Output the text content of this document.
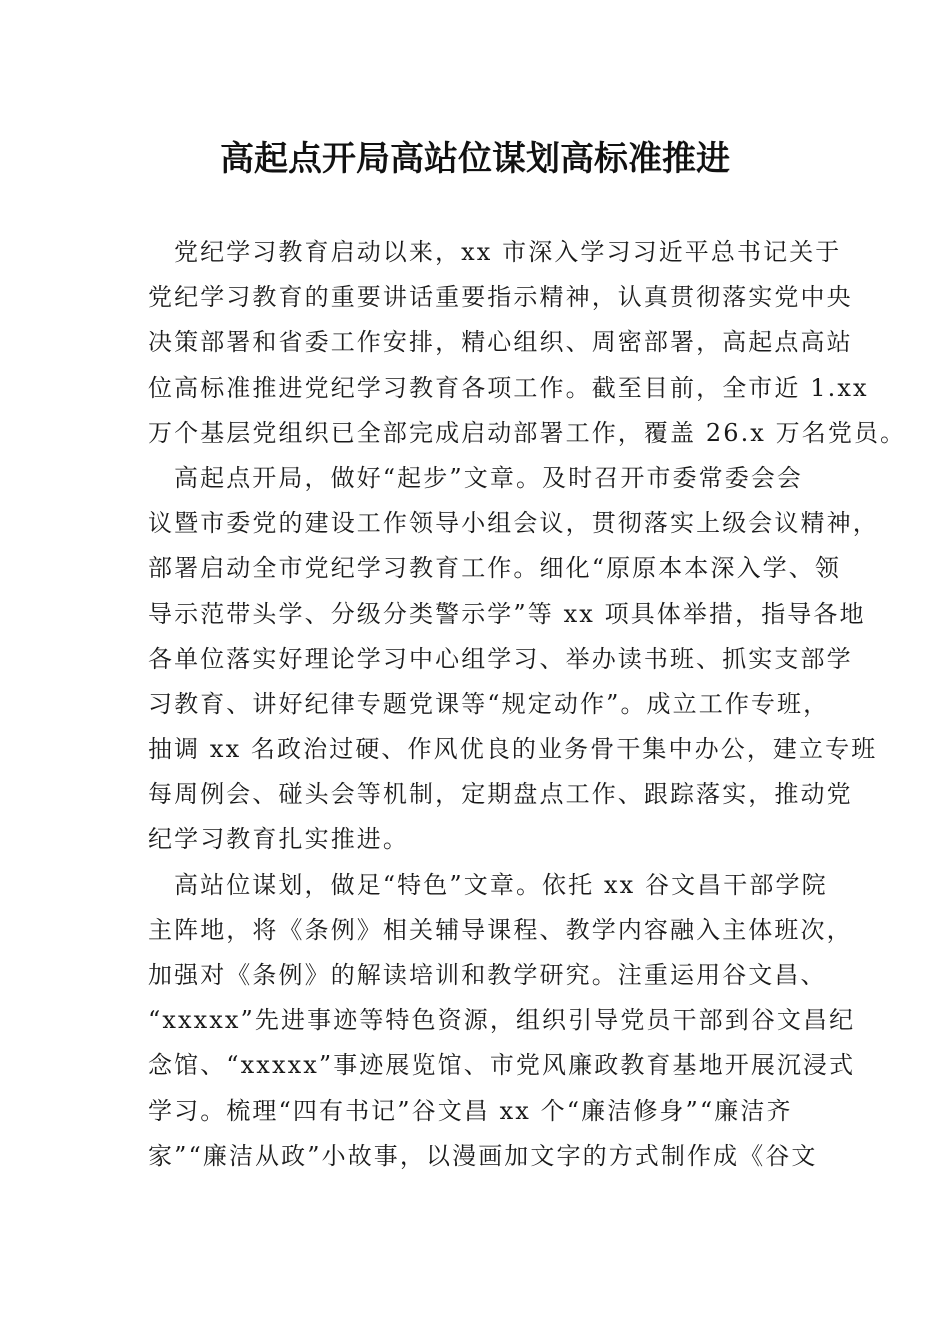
高起点开局高站位谋划高标准推进
党纪学习教育启动以来，xx 市深入学习习近平总书记关于
党纪学习教育的重要讲话重要指示精神，认真贯彻落实党中央
决策部署和省委工作安排，精心组织、周密部署，高起点高站
位高标准推进党纪学习教育各项工作。截至目前，全市近 1.xx
万个基层党组织已全部完成启动部署工作，覆盖 26.x 万名党员。
高起点开局，做好“起步”文章。及时召开市委常委会会
议暨市委党的建设工作领导小组会议，贯彻落实上级会议精神，
部署启动全市党纪学习教育工作。细化“原原本本深入学、领
导示范带头学、分级分类警示学”等 xx 项具体举措，指导各地
各单位落实好理论学习中心组学习、举办读书班、抓实支部学
习教育、讲好纪律专题党课等“规定动作”。成立工作专班，
抽调 xx 名政治过硬、作风优良的业务骨干集中办公，建立专班
每周例会、碰头会等机制，定期盘点工作、跟踪落实，推动党
纪学习教育扎实推进。
高站位谋划，做足“特色”文章。依托 xx 谷文昌干部学院
主阵地，将《条例》相关辅导课程、教学内容融入主体班次，
加强对《条例》的解读培训和教学研究。注重运用谷文昌、
“xxxxx”先进事迹等特色资源，组织引导党员干部到谷文昌纪
念馆、“xxxxx”事迹展览馆、市党风廉政教育基地开展沉浸式
学习。梳理“四有书记”谷文昌 xx 个“廉洁修身”“廉洁齐
家”“廉洁从政”小故事，以漫画加文字的方式制作成《谷文
